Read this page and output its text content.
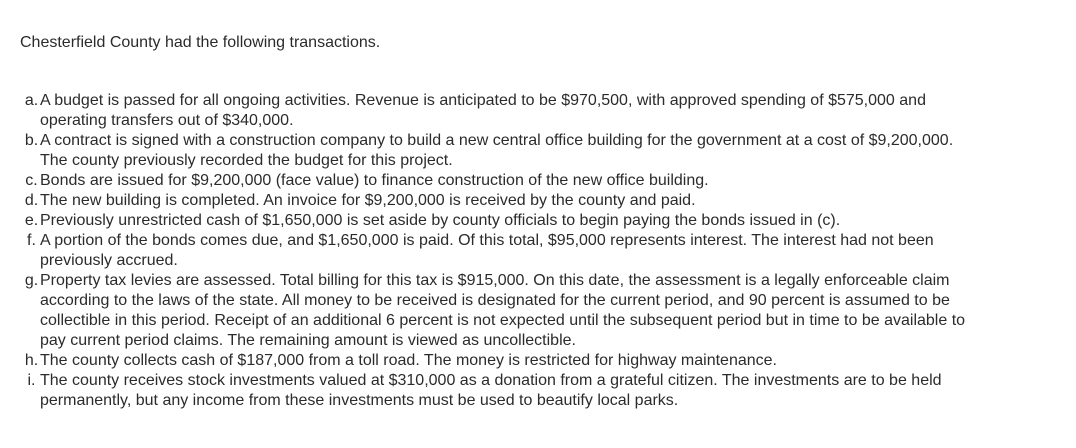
Chesterfield County had the following transactions.

a. A budget is passed for all ongoing activities. Revenue is anticipated to be $970,500, with approved spending of $575,000 and operating transfers out of $340,000.
b. A contract is signed with a construction company to build a new central office building for the government at a cost of $9,200,000. The county previously recorded the budget for this project.
c. Bonds are issued for $9,200,000 (face value) to finance construction of the new office building.
d. The new building is completed. An invoice for $9,200,000 is received by the county and paid.
e. Previously unrestricted cash of $1,650,000 is set aside by county officials to begin paying the bonds issued in (c).
f. A portion of the bonds comes due, and $1,650,000 is paid. Of this total, $95,000 represents interest. The interest had not been previously accrued.
g. Property tax levies are assessed. Total billing for this tax is $915,000. On this date, the assessment is a legally enforceable claim according to the laws of the state. All money to be received is designated for the current period, and 90 percent is assumed to be collectible in this period. Receipt of an additional 6 percent is not expected until the subsequent period but in time to be available to pay current period claims. The remaining amount is viewed as uncollectible.
h. The county collects cash of $187,000 from a toll road. The money is restricted for highway maintenance.
i. The county receives stock investments valued at $310,000 as a donation from a grateful citizen. The investments are to be held permanently, but any income from these investments must be used to beautify local parks.
